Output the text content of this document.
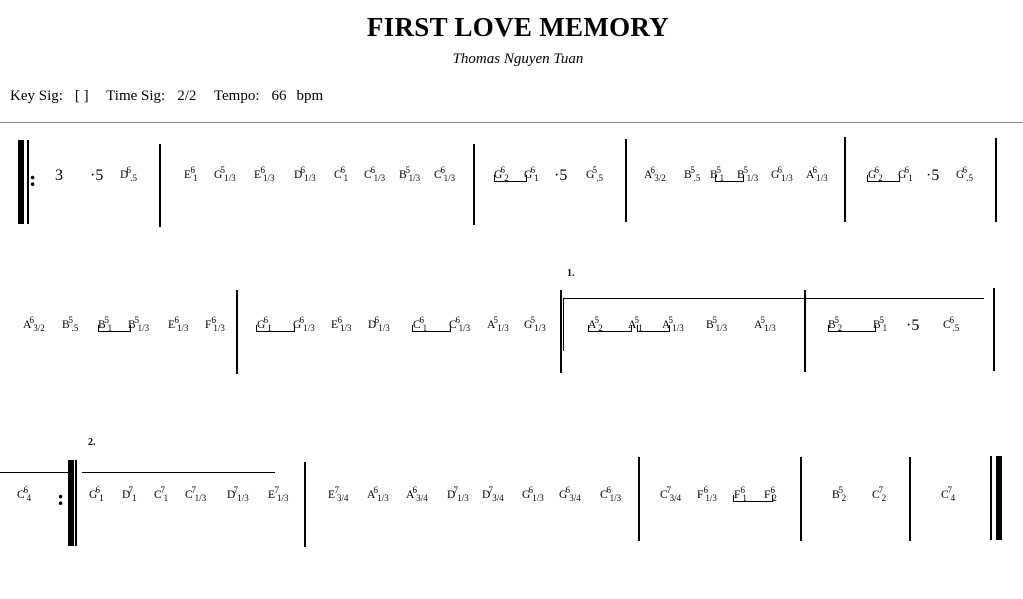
FIRST LOVE MEMORY
Thomas Nguyen Tuan
Key Sig: [ ] Time Sig: 2/2 Tempo: 66 bpm
:
:
1.
2.
3 ·5 D
6
.5	E 6
1 G
5
1/3 E 6
1/3 D
6
1/3 C
6
1 C
6
1/3 B
5
1/3 C
6
1/3	G
6
2 G
6
1 ·5 G
5
.5	A
6
3/2 B
5
.5 B
5
1 B
5
1/3 G
6
1/3 A
6
1/3	G
6
2 G
6
1 ·5 G
6
.5
A
6
3/2 B
5
.5 B
5
1 B
5
1/3 E 6
1/3 F 6
1/3	G
6
1 G
6
1/3 E 6
1/3 D
6
1/3 C
6
1 C
6
1/3 A
5
1/3 G
5
1/3	A
5
2 A
5
1 A
5
1/3 B
5
1/3 A
5
1/3	B
5
2	B
5
1 ·5 C
6
.5
C
6
4	G
6
1 D
7
1 C
7
1 C
7
1/3 D
7
1/3 E 7
1/3	E 7
3/4 A
6
1/3 A
6
3/4 D
7
1/3 D
7
3/4 G
6
1/3 G
6
3/4 C
6
1/3	C
7
3/4 F 6
1/3 F 6
1 F 6
2	B
5
2 C
7
2	C
7
4
